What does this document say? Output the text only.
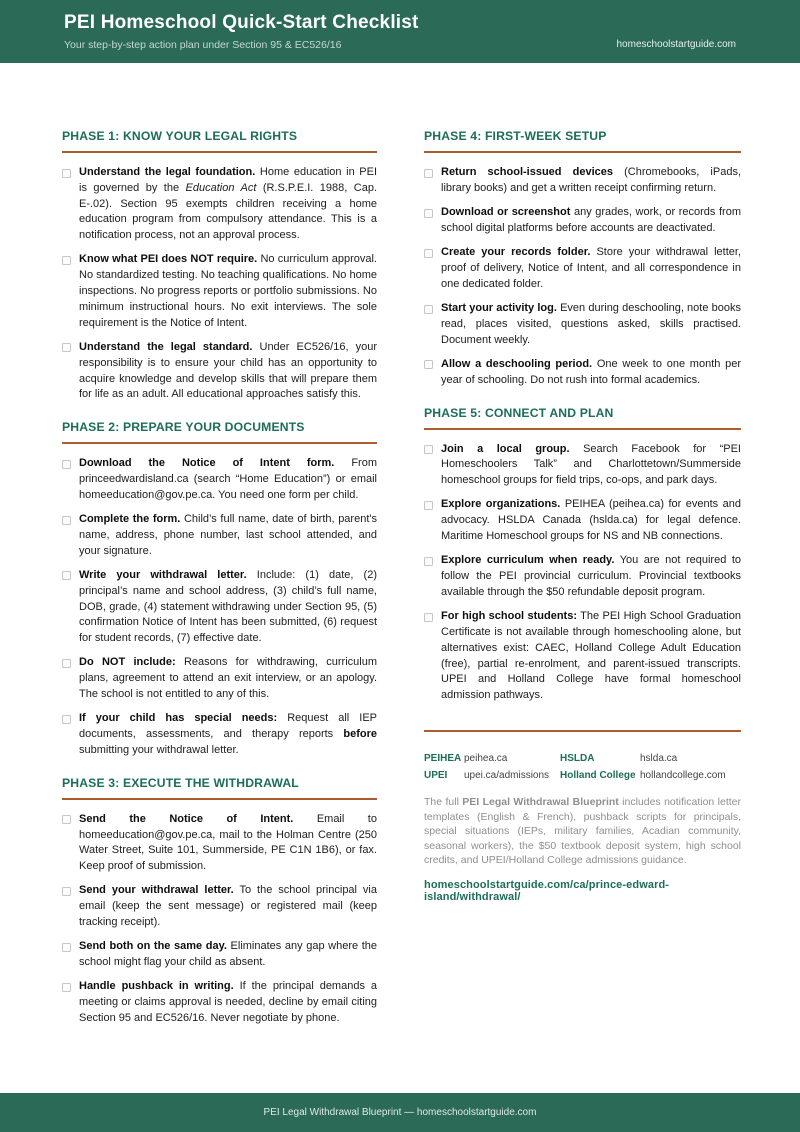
PEI Homeschool Quick-Start Checklist
Your step-by-step action plan under Section 95 & EC526/16	homeschoolstartguide.com
PHASE 1: KNOW YOUR LEGAL RIGHTS
Understand the legal foundation. Home education in PEI is governed by the Education Act (R.S.P.E.I. 1988, Cap. E-.02). Section 95 exempts children receiving a home education program from compulsory attendance. This is a notification process, not an approval process.
Know what PEI does NOT require. No curriculum approval. No standardized testing. No teaching qualifications. No home inspections. No progress reports or portfolio submissions. No minimum instructional hours. No exit interviews. The sole requirement is the Notice of Intent.
Understand the legal standard. Under EC526/16, your responsibility is to ensure your child has an opportunity to acquire knowledge and develop skills that will prepare them for life as an adult. All educational approaches satisfy this.
PHASE 2: PREPARE YOUR DOCUMENTS
Download the Notice of Intent form. From princeedwardisland.ca (search “Home Education”) or email homeeducation@gov.pe.ca. You need one form per child.
Complete the form. Child’s full name, date of birth, parent's name, address, phone number, last school attended, and your signature.
Write your withdrawal letter. Include: (1) date, (2) principal’s name and school address, (3) child’s full name, DOB, grade, (4) statement withdrawing under Section 95, (5) confirmation Notice of Intent has been submitted, (6) request for student records, (7) effective date.
Do NOT include: Reasons for withdrawing, curriculum plans, agreement to attend an exit interview, or an apology. The school is not entitled to any of this.
If your child has special needs: Request all IEP documents, assessments, and therapy reports before submitting your withdrawal letter.
PHASE 3: EXECUTE THE WITHDRAWAL
Send the Notice of Intent. Email to homeeducation@gov.pe.ca, mail to the Holman Centre (250 Water Street, Suite 101, Summerside, PE C1N 1B6), or fax. Keep proof of submission.
Send your withdrawal letter. To the school principal via email (keep the sent message) or registered mail (keep tracking receipt).
Send both on the same day. Eliminates any gap where the school might flag your child as absent.
Handle pushback in writing. If the principal demands a meeting or claims approval is needed, decline by email citing Section 95 and EC526/16. Never negotiate by phone.
PHASE 4: FIRST-WEEK SETUP
Return school-issued devices (Chromebooks, iPads, library books) and get a written receipt confirming return.
Download or screenshot any grades, work, or records from school digital platforms before accounts are deactivated.
Create your records folder. Store your withdrawal letter, proof of delivery, Notice of Intent, and all correspondence in one dedicated folder.
Start your activity log. Even during deschooling, note books read, places visited, questions asked, skills practised. Document weekly.
Allow a deschooling period. One week to one month per year of schooling. Do not rush into formal academics.
PHASE 5: CONNECT AND PLAN
Join a local group. Search Facebook for “PEI Homeschoolers Talk” and Charlottetown/Summerside homeschool groups for field trips, co-ops, and park days.
Explore organizations. PEIHEA (peihea.ca) for events and advocacy. HSLDA Canada (hslda.ca) for legal defence. Maritime Homeschool groups for NS and NB connections.
Explore curriculum when ready. You are not required to follow the PEI provincial curriculum. Provincial textbooks available through the $50 refundable deposit program.
For high school students: The PEI High School Graduation Certificate is not available through homeschooling alone, but alternatives exist: CAEC, Holland College Adult Education (free), partial re-enrolment, and parent-issued transcripts. UPEI and Holland College have formal homeschool admission pathways.
PEIHEA peihea.ca	HSLDA	hslda.ca
UPEI	upei.ca/admissions	Holland College hollandcollege.com

The full PEI Legal Withdrawal Blueprint includes notification letter templates (English & French), pushback scripts for principals, special situations (IEPs, military families, Acadian community, seasonal workers), the $50 textbook deposit system, high school credits, and UPEI/Holland College admissions guidance.

homeschoolstartguide.com/ca/prince-edward-island/withdrawal/
PEI Legal Withdrawal Blueprint — homeschoolstartguide.com
